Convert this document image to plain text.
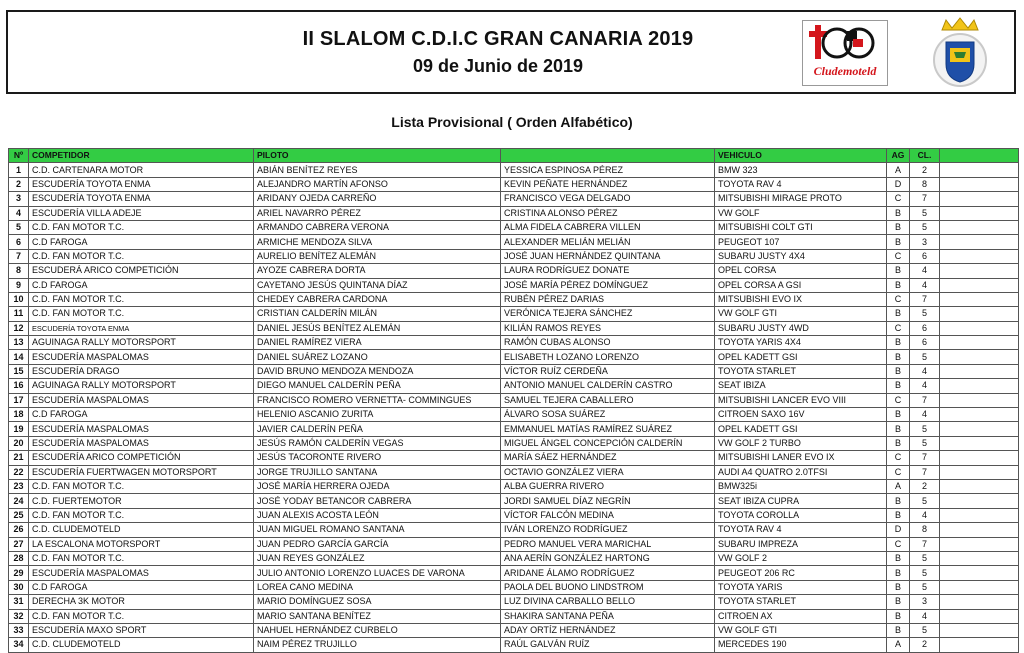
II SLALOM C.D.I.C GRAN CANARIA 2019
09 de Junio de 2019	Cludemoteld
Lista Provisional ( Orden Alfabético)
Nº	COMPETIDOR	PILOTO		VEHICULO	AG	CL.	
1	C.D. CARTENARA MOTOR	ABIÁN BENÍTEZ REYES	YESSICA ESPINOSA PÉREZ	BMW 323	A	2	
2	ESCUDERÍA TOYOTA ENMA	ALEJANDRO MARTÍN AFONSO	KEVIN PEÑATE HERNÁNDEZ	TOYOTA RAV 4	D	8	
3	ESCUDERÍA TOYOTA ENMA	ARIDANY OJEDA CARREÑO	FRANCISCO VEGA DELGADO	MITSUBISHI MIRAGE PROTO	C	7	
4	ESCUDERÍA VILLA ADEJE	ARIEL NAVARRO PÉREZ	CRISTINA ALONSO PÉREZ	VW GOLF	B	5	
5	C.D. FAN MOTOR T.C.	ARMANDO CABRERA VERONA	ALMA FIDELA CABRERA VILLEN	MITSUBISHI COLT GTI	B	5	
6	C.D FAROGA	ARMICHE MENDOZA SILVA	ALEXANDER MELIÁN MELIÁN	PEUGEOT 107	B	3	
7	C.D. FAN MOTOR T.C.	AURELIO BENÍTEZ ALEMÁN	JOSÉ JUAN HERNÁNDEZ QUINTANA	SUBARU JUSTY 4X4	C	6	
8	ESCUDERÁ ARICO COMPETICIÓN	AYOZE CABRERA DORTA	LAURA RODRÍGUEZ DONATE	OPEL CORSA	B	4	
9	C.D FAROGA	CAYETANO JESÚS QUINTANA DÍAZ	JOSÉ MARÍA PÉREZ DOMÍNGUEZ	OPEL CORSA A GSI	B	4	
10	C.D. FAN MOTOR T.C.	CHEDEY CABRERA CARDONA	RUBÉN PÉREZ DARIAS	MITSUBISHI EVO IX	C	7	
11	C.D. FAN MOTOR T.C.	CRISTIAN CALDERÍN MILÁN	VERÓNICA TEJERA SÁNCHEZ	VW GOLF GTI	B	5	
12	ESCUDERÍA TOYOTA ENMA	DANIEL JESÚS BENÍTEZ ALEMÁN	KILIÁN RAMOS REYES	SUBARU JUSTY 4WD	C	6	
13	AGUINAGA RALLY MOTORSPORT	DANIEL RAMÍREZ VIERA	RAMÓN CUBAS ALONSO	TOYOTA YARIS 4X4	B	6	
14	ESCUDERÍA MASPALOMAS	DANIEL SUÁREZ LOZANO	ELISABETH LOZANO LORENZO	OPEL KADETT GSI	B	5	
15	ESCUDERÍA DRAGO	DAVID BRUNO MENDOZA MENDOZA	VÍCTOR RUÍZ CERDEÑA	TOYOTA STARLET	B	4	
16	AGUINAGA RALLY MOTORSPORT	DIEGO MANUEL CALDERÍN PEÑA	ANTONIO MANUEL CALDERÍN CASTRO	SEAT IBIZA	B	4	
17	ESCUDERÍA MASPALOMAS	FRANCISCO ROMERO VERNETTA- COMMINGUES	SAMUEL TEJERA CABALLERO	MITSUBISHI LANCER EVO VIII	C	7	
18	C.D FAROGA	HELENIO ASCANIO ZURITA	ÁLVARO SOSA SUÁREZ	CITROEN SAXO 16V	B	4	
19	ESCUDERÍA MASPALOMAS	JAVIER CALDERÍN PEÑA	EMMANUEL MATÍAS RAMÍREZ SUÁREZ	OPEL KADETT GSI	B	5	
20	ESCUDERÍA MASPALOMAS	JESÚS RAMÓN CALDERÍN VEGAS	MIGUEL ÁNGEL CONCEPCIÓN CALDERÍN	VW GOLF 2 TURBO	B	5	
21	ESCUDERÍA ARICO COMPETICIÓN	JESÚS TACORONTE RIVERO	MARÍA SÁEZ HERNÁNDEZ	MITSUBISHI LANER EVO IX	C	7	
22	ESCUDERÍA FUERTWAGEN MOTORSPORT	JORGE TRUJILLO SANTANA	OCTAVIO GONZÁLEZ VIERA	AUDI A4 QUATRO 2.0TFSI	C	7	
23	C.D. FAN MOTOR T.C.	JOSÉ MARÍA HERRERA OJEDA	ALBA GUERRA RIVERO	BMW325i	A	2	
24	C.D. FUERTEMOTOR	JOSÉ YODAY BETANCOR CABRERA	JORDI SAMUEL DÍAZ NEGRÍN	SEAT IBIZA CUPRA	B	5	
25	C.D. FAN MOTOR T.C.	JUAN ALEXIS ACOSTA LEÓN	VÍCTOR FALCÓN MEDINA	TOYOTA COROLLA	B	4	
26	C.D. CLUDEMOTELD	JUAN MIGUEL ROMANO SANTANA	IVÁN LORENZO RODRÍGUEZ	TOYOTA RAV 4	D	8	
27	LA ESCALONA MOTORSPORT	JUAN PEDRO GARCÍA GARCÍA	PEDRO MANUEL VERA MARICHAL	SUBARU IMPREZA	C	7	
28	C.D. FAN MOTOR T.C.	JUAN REYES GONZÁLEZ	ANA AERÍN GONZÁLEZ HARTONG	VW GOLF 2	B	5	
29	ESCUDERÍA MASPALOMAS	JULIO ANTONIO LORENZO LUACES DE VARONA	ARIDANE ÁLAMO RODRÍGUEZ	PEUGEOT 206 RC	B	5	
30	C.D FAROGA	LOREA CANO MEDINA	PAOLA DEL BUONO LINDSTROM	TOYOTA YARIS	B	5	
31	DERECHA 3K MOTOR	MARIO DOMÍNGUEZ SOSA	LUZ DIVINA CARBALLO BELLO	TOYOTA STARLET	B	3	
32	C.D. FAN MOTOR T.C.	MARIO SANTANA BENÍTEZ	SHAKIRA SANTANA PEÑA	CITROEN AX	B	4	
33	ESCUDERÍA MAXO SPORT	NAHUEL HERNÁNDEZ CURBELO	ADAY ORTÍZ HERNÁNDEZ	VW GOLF GTI	B	5	
34	C.D. CLUDEMOTELD	NAIM PÉREZ TRUJILLO	RAÚL GALVÁN RUÍZ	MERCEDES 190	A	2	
